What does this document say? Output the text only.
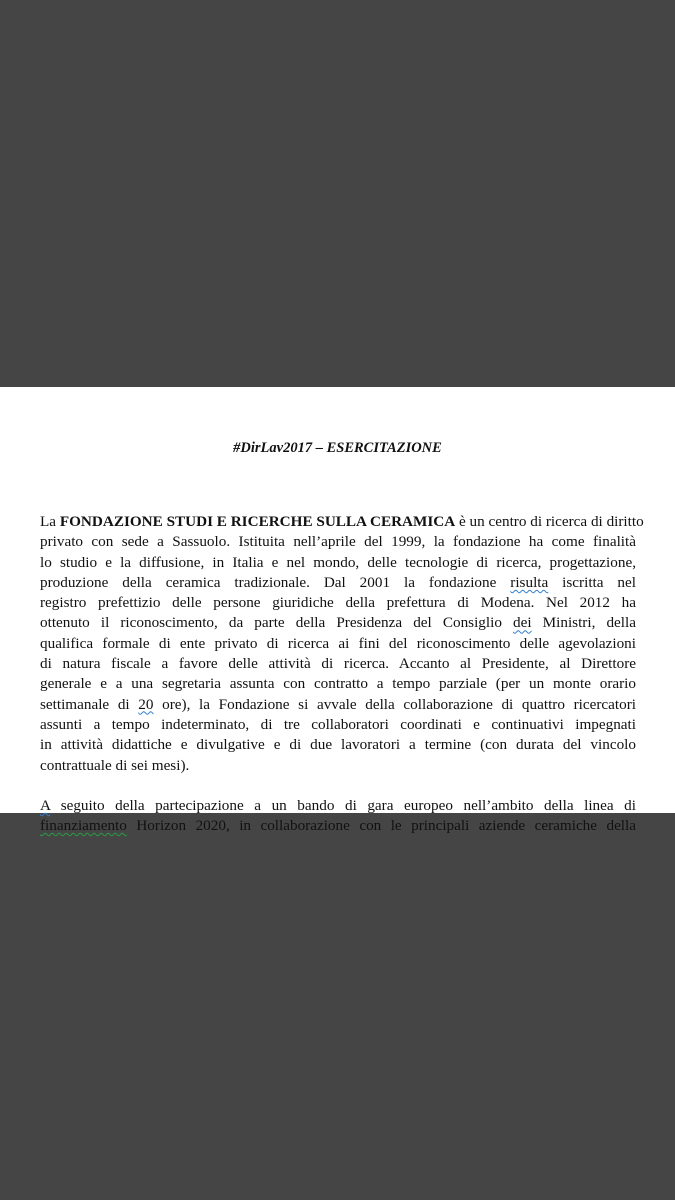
#DirLav2017 – ESERCITAZIONE
La FONDAZIONE STUDI E RICERCHE SULLA CERAMICA è un centro di ricerca di diritto
privato con sede a Sassuolo. Istituita nell’aprile del 1999, la fondazione ha come finalità
lo studio e la diffusione, in Italia e nel mondo, delle tecnologie di ricerca, progettazione,
produzione della ceramica tradizionale. Dal 2001 la fondazione risulta iscritta nel
registro prefettizio delle persone giuridiche della prefettura di Modena. Nel 2012 ha
ottenuto il riconoscimento, da parte della Presidenza del Consiglio dei Ministri, della
qualifica formale di ente privato di ricerca ai fini del riconoscimento delle agevolazioni
di natura fiscale a favore delle attività di ricerca. Accanto al Presidente, al Direttore
generale e a una segretaria assunta con contratto a tempo parziale (per un monte orario
settimanale di 20 ore), la Fondazione si avvale della collaborazione di quattro ricercatori
assunti a tempo indeterminato, di tre collaboratori coordinati e continuativi impegnati
in attività didattiche e divulgative e di due lavoratori a termine (con durata del vincolo
contrattuale di sei mesi).
A seguito della partecipazione a un bando di gara europeo nell’ambito della linea di
finanziamento Horizon 2020, in collaborazione con le principali aziende ceramiche della
